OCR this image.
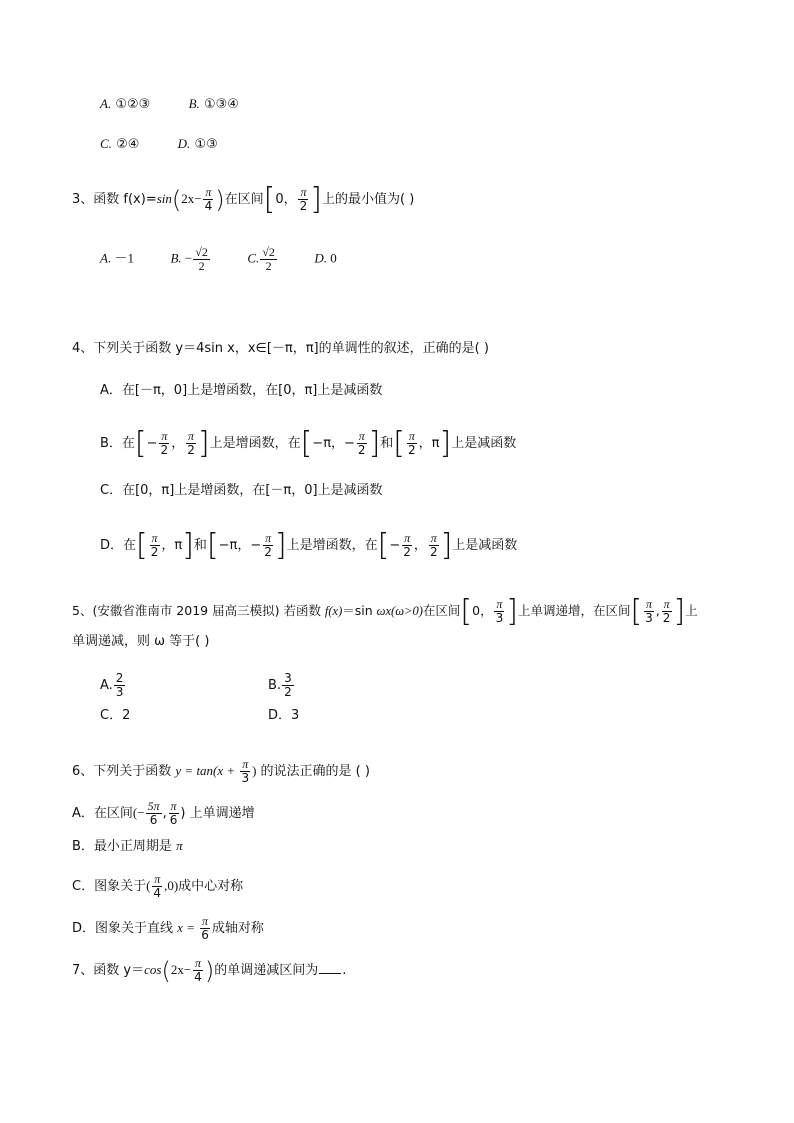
A. ①②③	B. ①③④
C. ②④	D. ①③
3、函数 $f(x)=\sin(2x- \frac{\pi}{4}$ )在区间[0， $\frac{\pi}{2}$ ]上的最小值为( )
A. －1	B. − $\frac{√2}{2}$	C. $\frac{√2}{2}$	D. 0
4、下列关于函数 y＝4sin x，x∈[－π，π]的单调性的叙述，正确的是( )
A．在[－π，0]上是增函数，在[0，π]上是减函数
B．在[− $\frac{\pi}{2}$ ， $\frac{\pi}{2}$ ]上是增函数，在[−π，− $\frac{\pi}{2}$ ]和[ $\frac{\pi}{2}$ ，π]上是减函数
C．在[0，π]上是增函数，在[－π，0]上是减函数
D．在[ $\frac{\pi}{2}$ ，π]和[−π，− $\frac{\pi}{2}$ ]上是增函数，在[− $\frac{\pi}{2}$ ， $\frac{\pi}{2}$ ]上是减函数
5、(安徽省淮南市 2019 届高三模拟) 若函数 f(x)＝sin ωx(ω>0)在区间[0， $\frac{\pi}{3}$ ]上单调递增，在区间[ $\frac{\pi}{3}$ , $\frac{\pi}{2}$ ]上
单调递减，则 ω 等于( )
A. $\frac{2}{3}$	B. $\frac{3}{2}$
C．2	D．3
6、下列关于函数 $y = \tan(x + \frac{\pi}{3}$ ) 的说法正确的是 ( )
A．在区间(− $\frac{5\pi}{6}$ , $\frac{\pi}{6}$ ) 上单调递增
B．最小正周期是 π
C．图象关于( $\frac{\pi}{4} ,0$)成中心对称
D．图象关于直线 $x = \frac{\pi}{6}$ 成轴对称
7、函数 $y=\cos(2x- \frac{\pi}{4}$ )的单调递减区间为 .
